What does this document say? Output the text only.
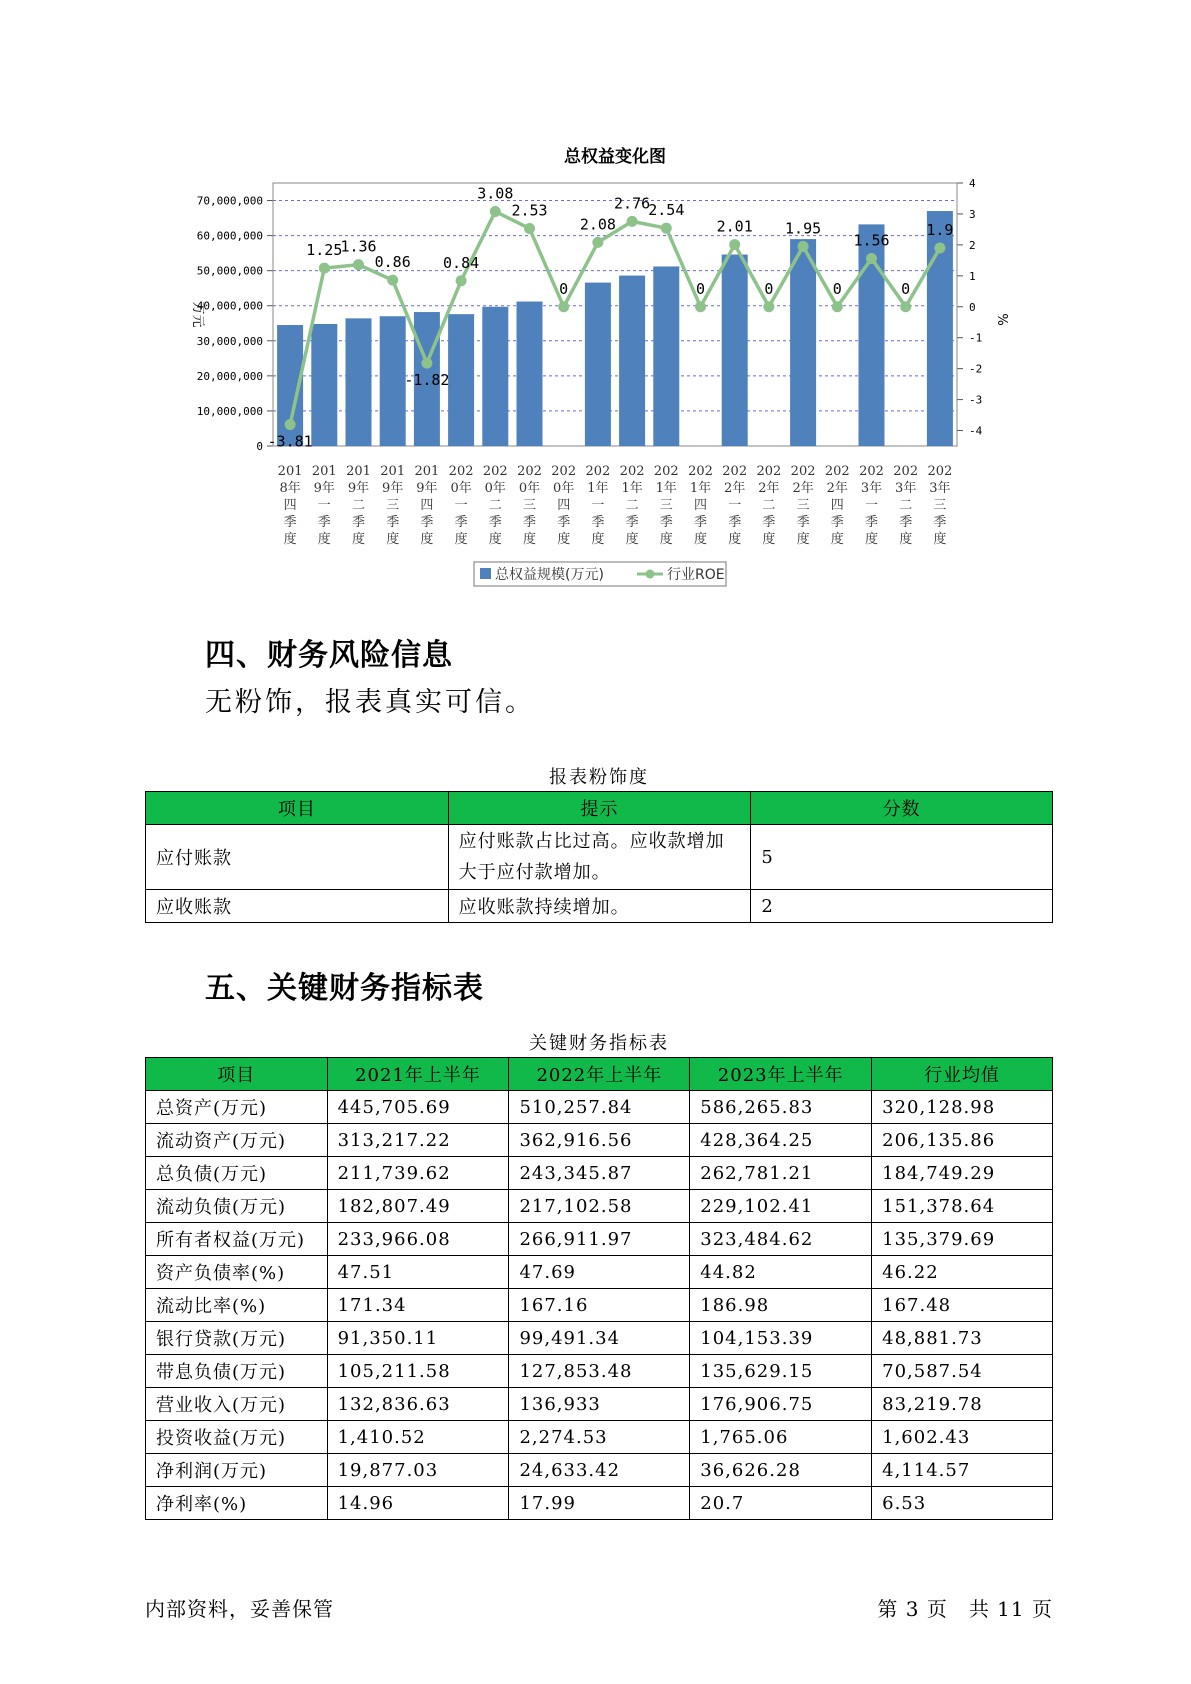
总权益变化图
0
10,000,000
20,000,000
30,000,000
40,000,000
50,000,000
60,000,000
70,000,000
4
3
2
1
0
-1
-2
-3
-4
万元	%
-3.81
1.25
1.36
0.86
-1.82
0.84
3.08
2.53
0
2.08
2.76
2.54
0
2.01
0
1.95
0
1.56
0
1.9
201
8年
四
季
度
201
9年
一
季
度
201
9年
二
季
度
201
9年
三
季
度
201
9年
四
季
度
202
0年
一
季
度
202
0年
二
季
度
202
0年
三
季
度
202
0年
四
季
度
202
1年
一
季
度
202
1年
二
季
度
202
1年
三
季
度
202
1年
四
季
度
202
2年
一
季
度
202
2年
二
季
度
202
2年
三
季
度
202
2年
四
季
度
202
3年
一
季
度
202
3年
二
季
度
202
3年
三
季
度
总权益规模(万元)	行业ROE
四、财务风险信息

无粉饰，报表真实可信。

报表粉饰度
项目	提示	分数
应付账款	应付账款占比过高。应收款增加大于应付款增加。	5
应收账款	应收账款持续增加。	2
五、关键财务指标表
关键财务指标表
项目	2021年上半年	2022年上半年	2023年上半年	行业均值
总资产(万元)	445,705.69	510,257.84	586,265.83	320,128.98
流动资产(万元)	313,217.22	362,916.56	428,364.25	206,135.86
总负债(万元)	211,739.62	243,345.87	262,781.21	184,749.29
流动负债(万元)	182,807.49	217,102.58	229,102.41	151,378.64
所有者权益(万元)	233,966.08	266,911.97	323,484.62	135,379.69
资产负债率(%)	47.51	47.69	44.82	46.22
流动比率(%)	171.34	167.16	186.98	167.48
银行贷款(万元)	91,350.11	99,491.34	104,153.39	48,881.73
带息负债(万元)	105,211.58	127,853.48	135,629.15	70,587.54
营业收入(万元)	132,836.63	136,933	176,906.75	83,219.78
投资收益(万元)	1,410.52	2,274.53	1,765.06	1,602.43
净利润(万元)	19,877.03	24,633.42	36,626.28	4,114.57
净利率(%)	14.96	17.99	20.7	6.53
内部资料，妥善保管	第 3 页　共 11 页
